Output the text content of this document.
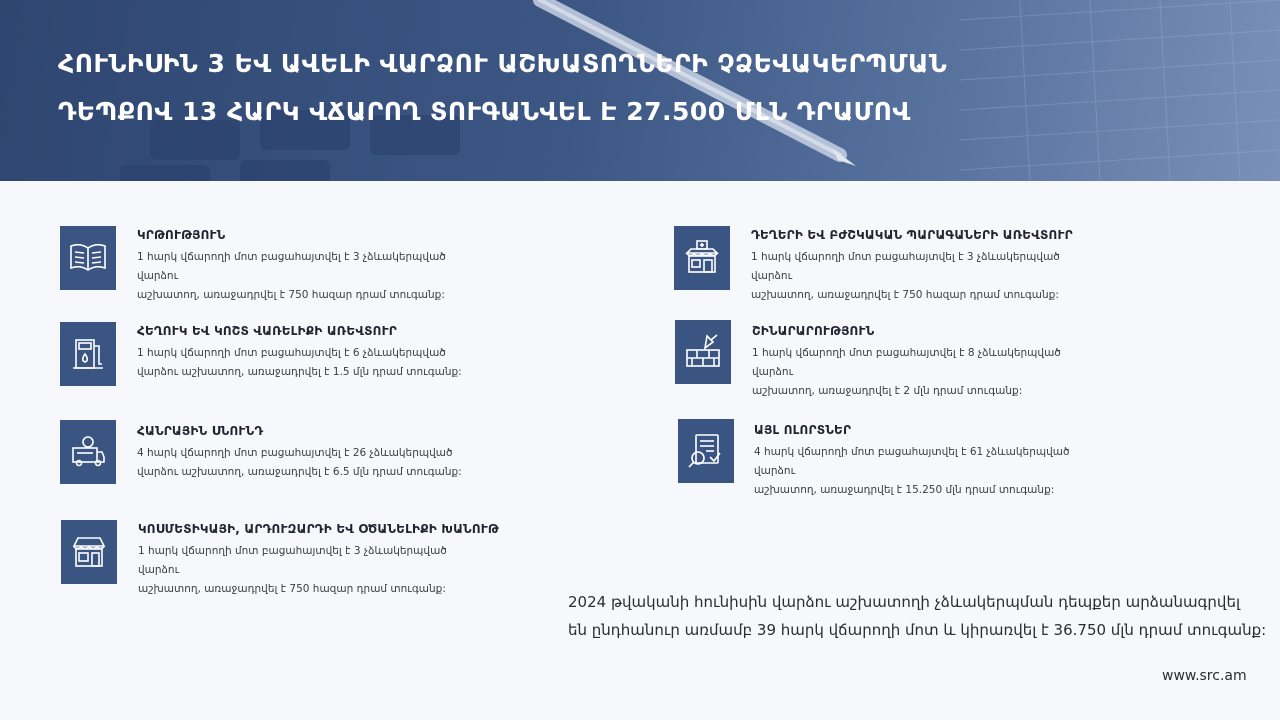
ՀՈՒՆԻՍԻՆ 3 ԵՎ ԱՎԵԼԻ ՎԱՐՁՈՒ ԱՇԽԱՏՈՂՆԵՐԻ ՉՁԵՎԱԿԵՐՊՄԱՆ
ԴԵՊՔՈՎ 13 ՀԱՐԿ ՎՃԱՐՈՂ ՏՈՒԳԱՆՎԵԼ Է 27.500 ՄԼՆ ԴՐԱՄՈՎ
ԿՐԹՈՒԹՅՈՒՆ
1 հարկ վճարողի մոտ բացահայտվել է 3 չձևակերպված վարձու
աշխատող, առաջադրվել է 750 հազար դրամ տուգանք:
ՀԵՂՈՒԿ ԵՎ ԿՈՇՏ ՎԱՌԵԼԻՔԻ ԱՌԵՎՏՈՒՐ
1 հարկ վճարողի մոտ բացահայտվել է 6 չձևակերպված
վարձու աշխատող, առաջադրվել է 1.5 մլն դրամ տուգանք:
ՀԱՆՐԱՅԻՆ ՍՆՈՒՆԴ
4 հարկ վճարողի մոտ բացահայտվել է 26 չձևակերպված
վարձու աշխատող, առաջադրվել է 6.5 մլն դրամ տուգանք:
ԿՈՍՄԵՏԻԿԱՅԻ, ԱՐԴՈՒԶԱՐԴԻ ԵՎ ՕԾԱՆԵԼԻՔԻ ԽԱՆՈՒԹ
1 հարկ վճարողի մոտ բացահայտվել է 3 չձևակերպված վարձու
աշխատող, առաջադրվել է 750 հազար դրամ տուգանք:
ԴԵՂԵՐԻ ԵՎ ԲԺՇԿԱԿԱՆ ՊԱՐԱԳԱՆԵՐԻ ԱՌԵՎՏՈՒՐ
1 հարկ վճարողի մոտ բացահայտվել է 3 չձևակերպված վարձու
աշխատող, առաջադրվել է 750 հազար դրամ տուգանք:
ՇԻՆԱՐԱՐՈՒԹՅՈՒՆ
1 հարկ վճարողի մոտ բացահայտվել է 8 չձևակերպված վարձու
աշխատող, առաջադրվել է 2 մլն դրամ տուգանք:
ԱՅԼ ՈԼՈՐՏՆԵՐ
4 հարկ վճարողի մոտ բացահայտվել է 61 չձևակերպված վարձու
աշխատող, առաջադրվել է 15.250 մլն դրամ տուգանք:
2024 թվականի հունիսին վարձու աշխատողի չձևակերպման դեպքեր արձանագրվել
են ընդհանուր առմամբ 39 հարկ վճարողի մոտ և կիրառվել է 36.750 մլն դրամ տուգանք:
www.src.am
